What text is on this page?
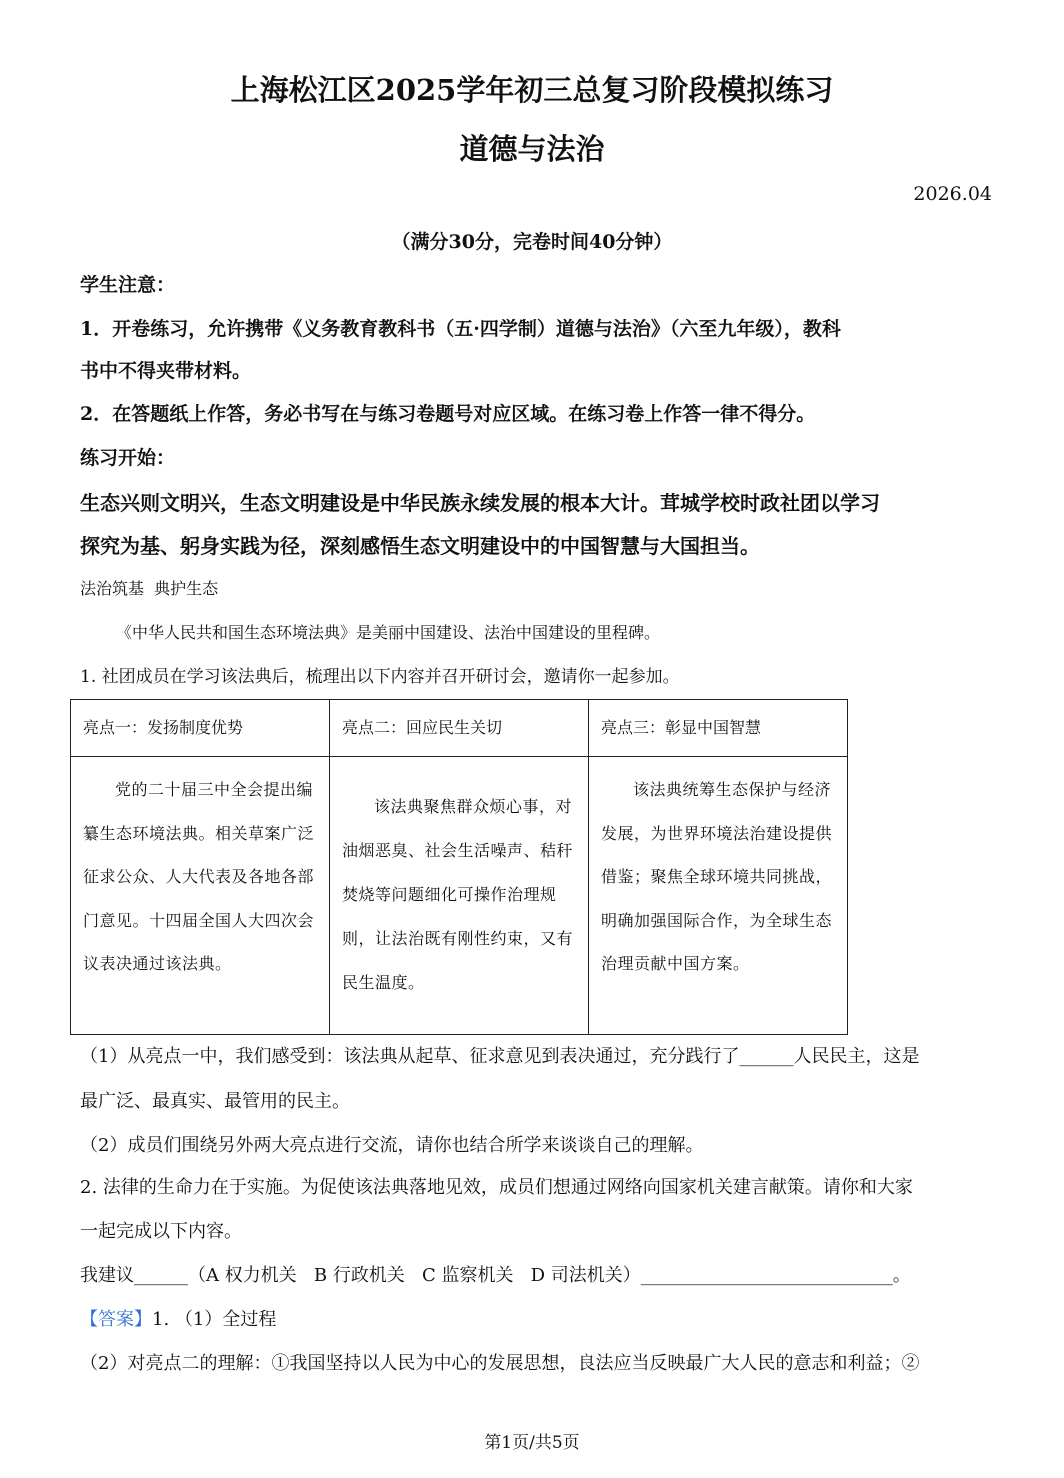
上海松江区2025学年初三总复习阶段模拟练习
道德与法治
2026.04
（满分30分，完卷时间40分钟）
学生注意：
1．开卷练习，允许携带《义务教育教科书（五·四学制）道德与法治》（六至九年级），教科
书中不得夹带材料。
2．在答题纸上作答，务必书写在与练习卷题号对应区域。在练习卷上作答一律不得分。
练习开始：
生态兴则文明兴，生态文明建设是中华民族永续发展的根本大计。茸城学校时政社团以学习
探究为基、躬身实践为径，深刻感悟生态文明建设中的中国智慧与大国担当。
法治筑基  典护生态
《中华人民共和国生态环境法典》是美丽中国建设、法治中国建设的里程碑。
1. 社团成员在学习该法典后，梳理出以下内容并召开研讨会，邀请你一起参加。
亮点一：发扬制度优势	亮点二：回应民生关切	亮点三：彰显中国智慧
党的二十届三中全会提出编纂生态环境法典。相关草案广泛征求公众、人大代表及各地各部门意见。十四届全国人大四次会议表决通过该法典。	该法典聚焦群众烦心事，对油烟恶臭、社会生活噪声、秸秆焚烧等问题细化可操作治理规则，让法治既有刚性约束，又有民生温度。	该法典统筹生态保护与经济发展，为世界环境法治建设提供借鉴；聚焦全球环境共同挑战，明确加强国际合作，为全球生态治理贡献中国方案。
（1）从亮点一中，我们感受到：该法典从起草、征求意见到表决通过，充分践行了______人民民主，这是
最广泛、最真实、最管用的民主。
（2）成员们围绕另外两大亮点进行交流，请你也结合所学来谈谈自己的理解。
2. 法律的生命力在于实施。为促使该法典落地见效，成员们想通过网络向国家机关建言献策。请你和大家
一起完成以下内容。
我建议______（A 权力机关   B 行政机关   C 监察机关   D 司法机关）____________________________。
【答案】1. （1）全过程
（2）对亮点二的理解：①我国坚持以人民为中心的发展思想，良法应当反映最广大人民的意志和利益；②
第1页/共5页
